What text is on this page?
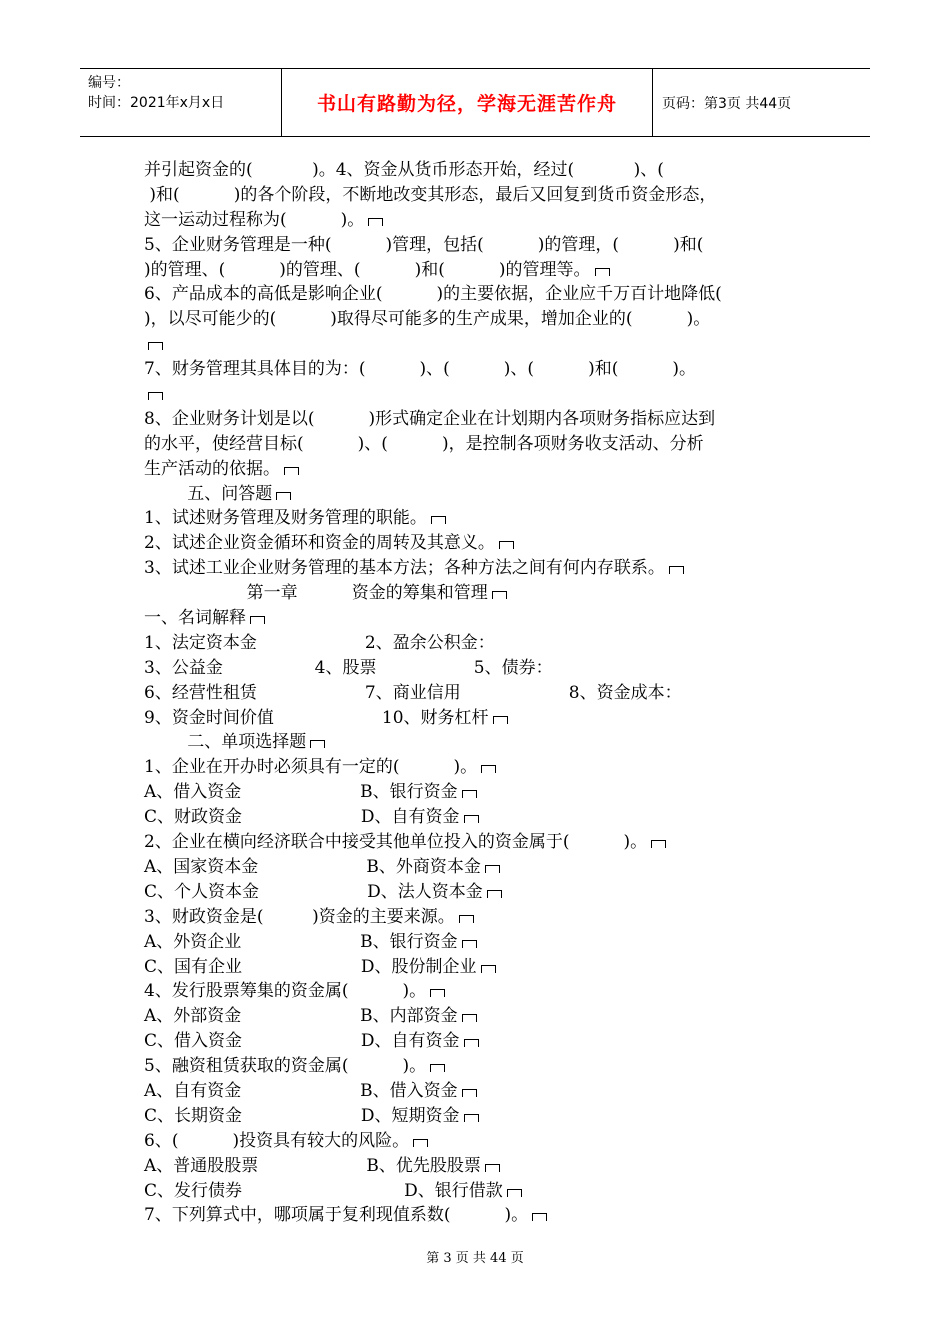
编号：
时间：2021年x月x日	书山有路勤为径，学海无涯苦作舟	页码：第3页 共44页
并引起资金的(           )。4、资金从货币形态开始，经过(           )、(
)和(          )的各个阶段，不断地改变其形态，最后又回复到货币资金形态，
这一运动过程称为(          )。
5、企业财务管理是一种(          )管理，包括(          )的管理，(          )和(
)的管理、(          )的管理、(          )和(          )的管理等。
6、产品成本的高低是影响企业(          )的主要依据，企业应千万百计地降低(
)，以尽可能少的(          )取得尽可能多的生产成果，增加企业的(          )。
7、财务管理其具体目的为：(          )、(          )、(          )和(          )。
8、企业财务计划是以(          )形式确定企业在计划期内各项财务指标应达到
的水平，使经营目标(          )、(          )，是控制各项财务收支活动、分析
生产活动的依据。
五、问答题
1、试述财务管理及财务管理的职能。
2、试述企业资金循环和资金的周转及其意义。
3、试述工业企业财务管理的基本方法；各种方法之间有何内存联系。
第一章          资金的筹集和管理
一、名词解释
1、法定资本金                    2、盈余公积金：
3、公益金                 4、股票                  5、债券：
6、经营性租赁                    7、商业信用                    8、资金成本：
9、资金时间价值                    10、财务杠杆
二、单项选择题
1、企业在开办时必须具有一定的(          )。
A、借入资金                      B、银行资金
C、财政资金                      D、自有资金
2、企业在横向经济联合中接受其他单位投入的资金属于(          )。
A、国家资本金                    B、外商资本金
C、个人资本金                    D、法人资本金
3、财政资金是(         )资金的主要来源。
A、外资企业                      B、银行资金
C、国有企业                      D、股份制企业
4、发行股票筹集的资金属(          )。
A、外部资金                      B、内部资金
C、借入资金                      D、自有资金
5、融资租赁获取的资金属(          )。
A、自有资金                      B、借入资金
C、长期资金                      D、短期资金
6、(          )投资具有较大的风险。
A、普通股股票                    B、优先股股票
C、发行债券                              D、银行借款
7、下列算式中，哪项属于复利现值系数(          )。
第 3 页 共 44 页
